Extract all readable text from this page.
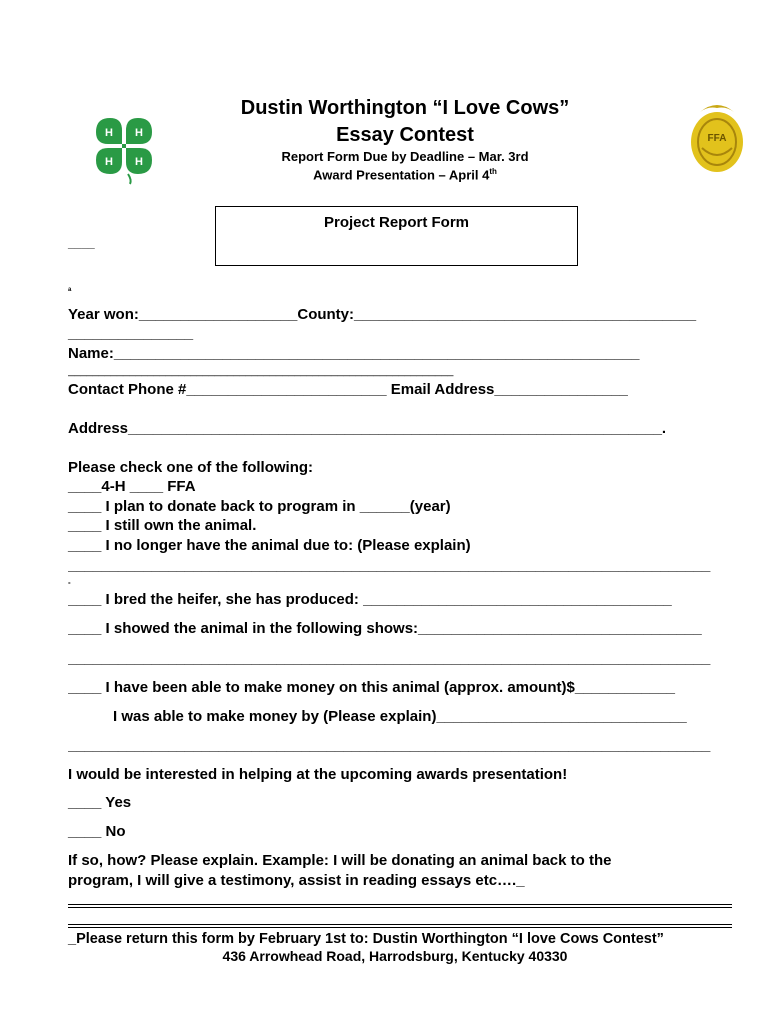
H H
H H
FFA
Dustin Worthington “I Love Cows”
Essay Contest
Report Form Due by Deadline – Mar. 3rd
Award Presentation – April 4th
Project Report Form
____
a
Year won:___________________County:_________________________________________
_______________
Name:_______________________________________________________________
_______________________________________________________________
Contact Phone #________________________ Email Address________________
Address________________________________________________________________.
Please check one of the following:
____4-H ____ FFA
____ I plan to donate back to program in ______(year)
____ I still own the animal.
____ I no longer have the animal due to: (Please explain)
_____________________________________________________________________________
-
____ I bred the heifer, she has produced: _____________________________________
____ I showed the animal in the following shows:__________________________________
_____________________________________________________________________________
____ I have been able to make money on this animal (approx. amount)$____________
I was able to make money by (Please explain)______________________________
_____________________________________________________________________________
I would be interested in helping at the upcoming awards presentation!
____ Yes
____ No
If so, how? Please explain. Example: I will be donating an animal back to the
program, I will give a testimony, assist in reading essays etc…._
_Please return this form by February 1st to: Dustin Worthington “I love Cows Contest”
436 Arrowhead Road, Harrodsburg, Kentucky 40330
